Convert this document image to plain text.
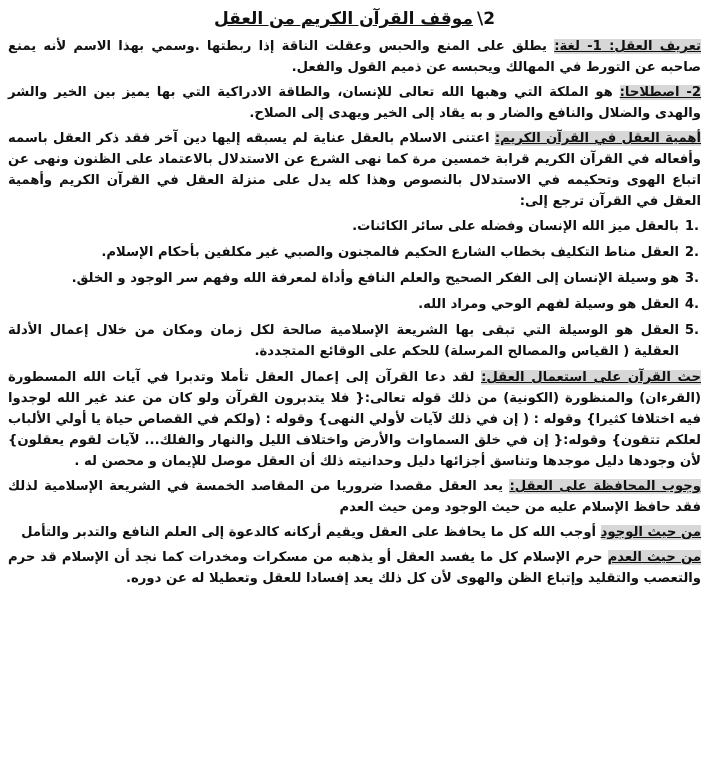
2\موقف القرآن الكريم من العقل

تعريف العقل: 1- لغة: يطلق على المنع والحبس وعقلت الناقة إذا ربطتها .وسمي بهذا الاسم لأنه يمنع صاحبه عن التورط في المهالك ويحبسه عن ذميم القول والفعل.

2- اصطلاحا: هو الملكة التي وهبها الله تعالى للإنسان، والطاقة الادراكية التي بها يميز بين الخير والشر والهدى والضلال والنافع والضار و به يقاد إلى الخير ويهدى إلى الصلاح.

أهمية العقل في القرآن الكريم: اعتنى الاسلام بالعقل عناية لم يسبقه إليها دين آخر فقد ذكر العقل باسمه وأفعاله في القرآن الكريم قرابة خمسين مرة كما نهى الشرع عن الاستدلال بالاعتماد على الظنون ونهى عن اتباع الهوى وتحكيمه في الاستدلال بالنصوص وهذا كله يدل على منزلة العقل في القرآن الكريم وأهمية العقل في القرآن ترجع إلى:

1.
بالعقل ميز الله الإنسان وفضله على سائر الكائنات.
2.
العقل مناط التكليف بخطاب الشارع الحكيم فالمجنون والصبي غير مكلفين بأحكام الإسلام.
3.
هو وسيلة الإنسان إلى الفكر الصحيح والعلم النافع وأداة لمعرفة الله وفهم سر الوجود و الخلق.
4.
العقل هو وسيلة لفهم الوحي ومراد الله.
5.
العقل هو الوسيلة التي تبقى بها الشريعة الإسلامية صالحة لكل زمان ومكان من خلال إعمال الأدلة العقلية ( القياس والمصالح المرسلة) للحكم على الوقائع المتجددة.

حث القرآن على استعمال العقل: لقد دعا القرآن إلى إعمال العقل تأملا وتدبرا في آيات الله المسطورة (القرءان) والمنظورة (الكونية) من ذلك قوله تعالى:{ فلا يتدبرون القرآن ولو كان من عند غير الله لوجدوا فيه اختلافا كثيرا} وقوله : ( إن في ذلك لآيات لأولي النهى} وقوله : (ولكم في القصاص حياة يا أولي الألباب لعلكم تتقون} وقوله:{ إن في خلق السماوات والأرض واختلاف الليل والنهار والفلك... لآيات لقوم يعقلون} لأن وجودها دليل موجدها وتناسق أجزائها دليل وحدانيته ذلك أن العقل موصل للإيمان و محصن له .

وجوب المحافظة على العقل: يعد العقل مقصدا ضروريا من المقاصد الخمسة في الشريعة الإسلامية لذلك فقد حافظ الإسلام عليه من حيث الوجود ومن حيث العدم

من حيث الوجود أوجب الله كل ما يحافظ على العقل ويقيم أركانه كالدعوة إلى العلم النافع والتدبر والتأمل

من حيث العدم حرم الإسلام كل ما يفسد العقل أو يذهبه من مسكرات ومخدرات كما نجد أن الإسلام قد حرم والتعصب والتقليد وإتباع الظن والهوى لأن كل ذلك يعد إفسادا للعقل وتعطيلا له عن دوره.
